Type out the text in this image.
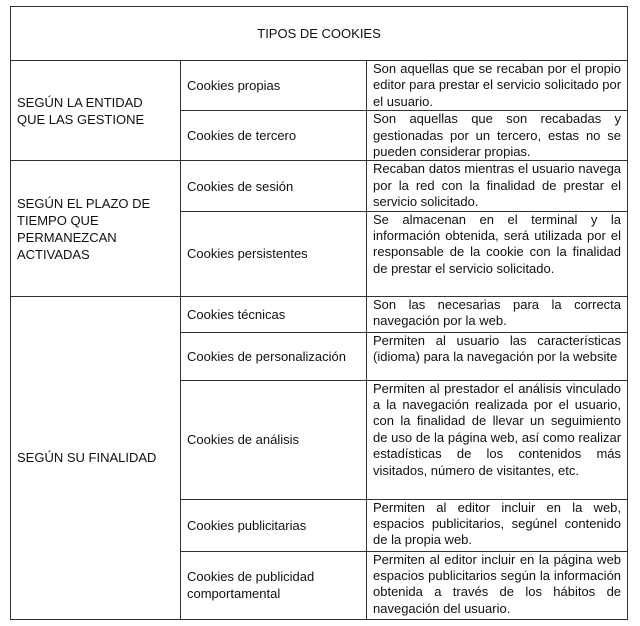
TIPOS DE COOKIES		
SEGÚN LA ENTIDAD QUE LAS GESTIONE	Cookies propias	Son aquellas que se recaban por el propio editor para prestar el servicio solicitado por el usuario.
	Cookies de tercero	Son aquellas que son recabadas y gestionadas por un tercero, estas no se pueden considerar propias.
SEGÚN EL PLAZO DE TIEMPO QUE PERMANEZCAN ACTIVADAS	Cookies de sesión	Recaban datos mientras el usuario navega por la red con la finalidad de prestar el servicio solicitado.
	Cookies persistentes	Se almacenan en el terminal y la información obtenida, será utilizada por el responsable de la cookie con la finalidad de prestar el servicio solicitado.
SEGÚN SU FINALIDAD	Cookies técnicas	Son las necesarias para la correcta navegación por la web.
	Cookies de personalización	Permiten al usuario las características (idioma) para la navegación por la website
	Cookies de análisis	Permiten al prestador el análisis vinculado a la navegación realizada por el usuario, con la finalidad de llevar un seguimiento de uso de la página web, así como realizar estadísticas de los contenidos más visitados, número de visitantes, etc.
	Cookies publicitarias	Permiten al editor incluir en la web, espacios publicitarios, segúnel contenido de la propia web.
	Cookies de publicidad comportamental	Permiten al editor incluir en la página web espacios publicitarios según la información obtenida a través de los hábitos de navegación del usuario.
